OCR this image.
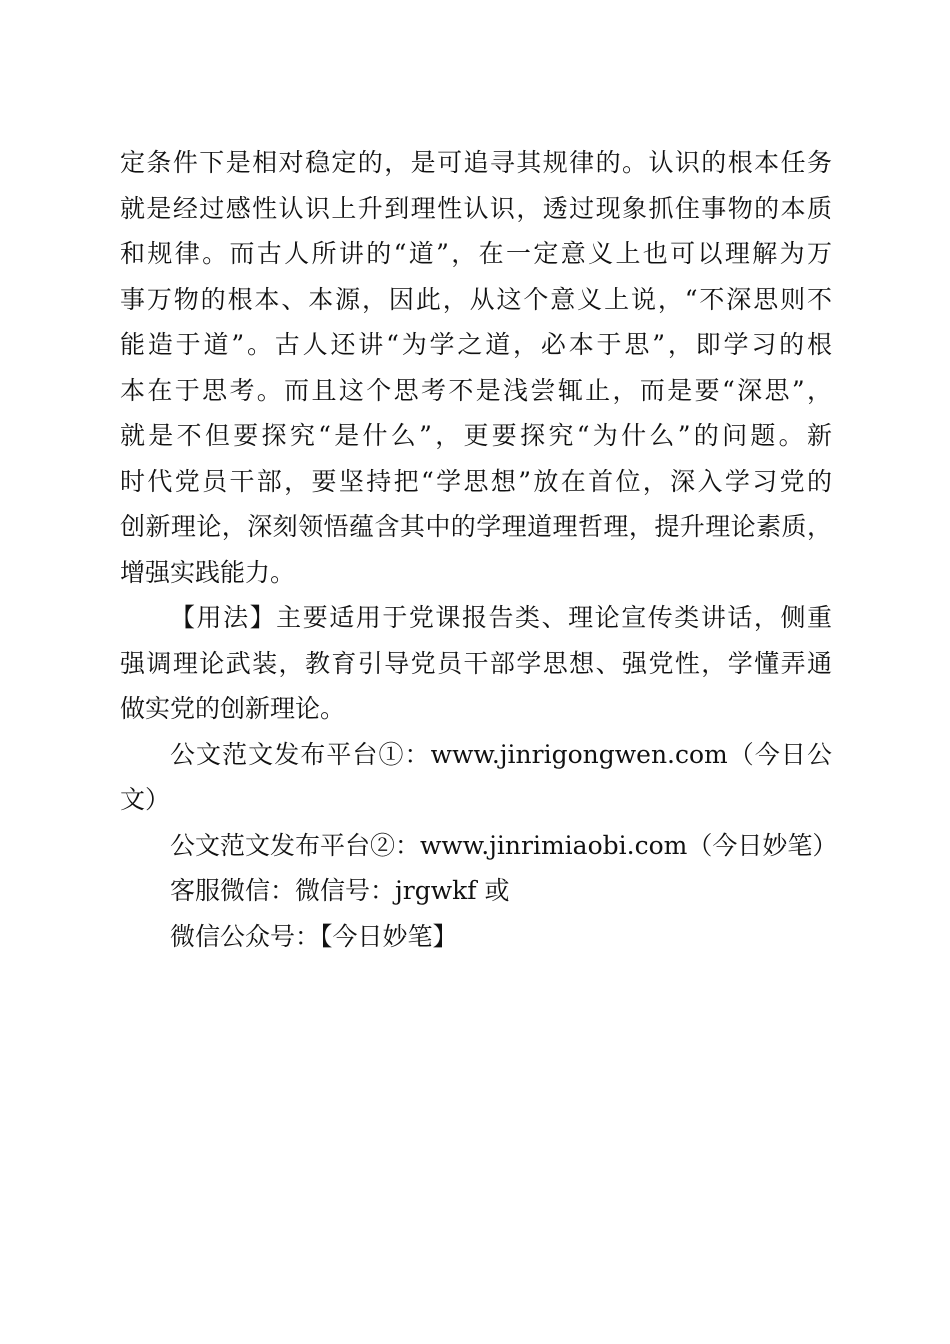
定条件下是相对稳定的，是可追寻其规律的。认识的根本任务
就是经过感性认识上升到理性认识，透过现象抓住事物的本质
和规律。而古人所讲的“道”，在一定意义上也可以理解为万
事万物的根本、本源，因此，从这个意义上说，“不深思则不
能造于道”。古人还讲“为学之道，必本于思”，即学习的根
本在于思考。而且这个思考不是浅尝辄止，而是要“深思”，
就是不但要探究“是什么”，更要探究“为什么”的问题。新
时代党员干部，要坚持把“学思想”放在首位，深入学习党的
创新理论，深刻领悟蕴含其中的学理道理哲理，提升理论素质，
增强实践能力。
【用法】主要适用于党课报告类、理论宣传类讲话，侧重
强调理论武装，教育引导党员干部学思想、强党性，学懂弄通
做实党的创新理论。
公文范文发布平台①：www.jinrigongwen.com（今日公
文）
公文范文发布平台②：www.jinrimiaobi.com（今日妙笔）
客服微信：微信号：jrgwkf 或
微信公众号：【今日妙笔】
